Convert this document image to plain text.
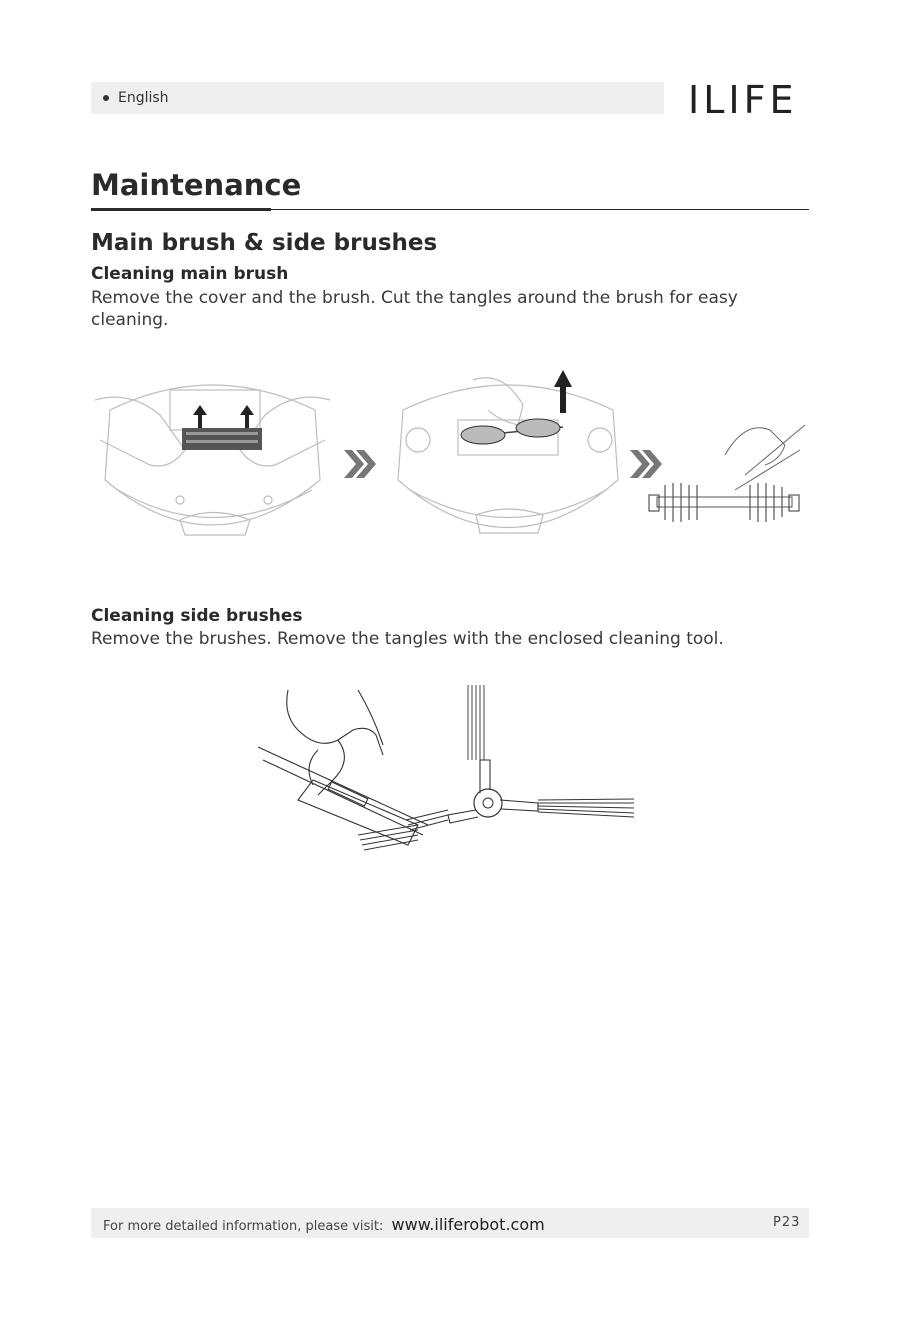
English	ILIFE
Maintenance
Main brush & side brushes
Cleaning main brush
Remove the cover and the brush. Cut the tangles around the brush for easy cleaning.
Cleaning side brushes
Remove the brushes. Remove the tangles with the enclosed cleaning tool.
For more detailed information, please visit: www.iliferobot.com	P23
